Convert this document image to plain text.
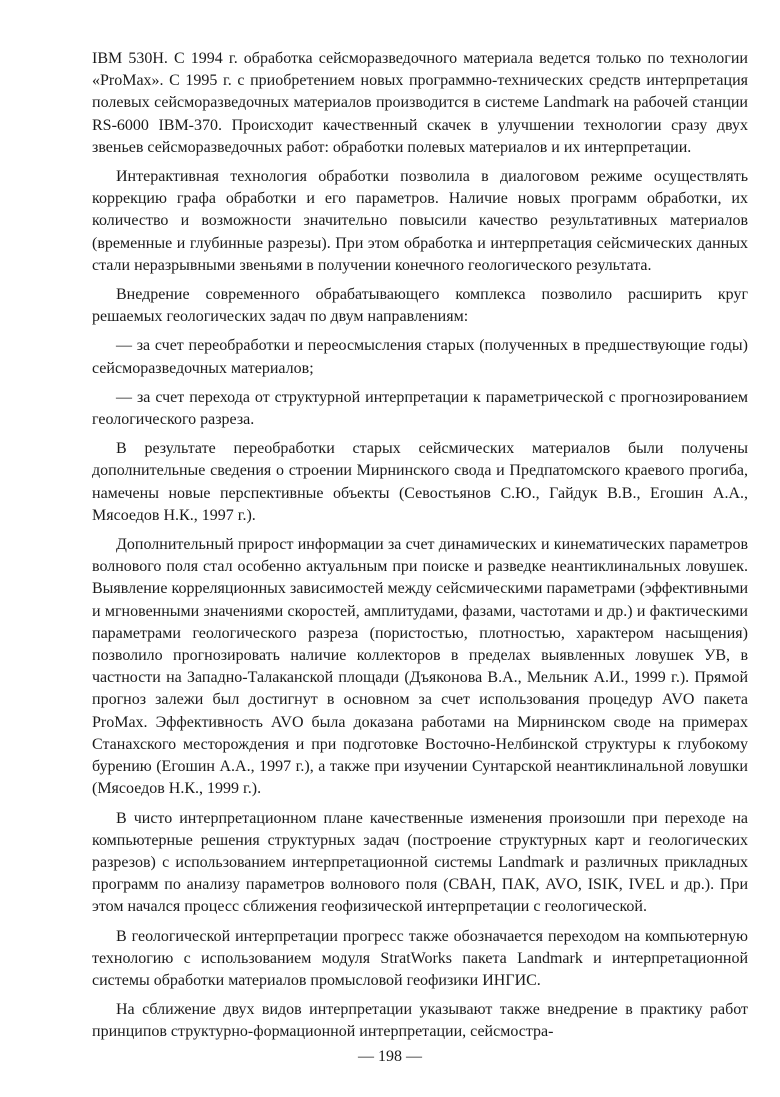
IBM 530Н. С 1994 г. обработка сейсморазведочного материала ведется только по технологии «ProMax». С 1995 г. с приобретением новых программно-технических средств интерпретация полевых сейсморазведочных материалов производится в системе Landmark на рабочей станции RS-6000 IBM-370. Происходит качественный скачек в улучшении технологии сразу двух звеньев сейсморазведочных работ: обработки полевых материалов и их интерпретации.

Интерактивная технология обработки позволила в диалоговом режиме осуществлять коррекцию графа обработки и его параметров. Наличие новых программ обработки, их количество и возможности значительно повысили качество результативных материалов (временные и глубинные разрезы). При этом обработка и интерпретация сейсмических данных стали неразрывными звеньями в получении конечного геологического результата.

Внедрение современного обрабатывающего комплекса позволило расширить круг решаемых геологических задач по двум направлениям:

— за счет переобработки и переосмысления старых (полученных в предшествующие годы) сейсморазведочных материалов;

— за счет перехода от структурной интерпретации к параметрической с прогнозированием геологического разреза.

В результате переобработки старых сейсмических материалов были получены дополнительные сведения о строении Мирнинского свода и Предпатомского краевого прогиба, намечены новые перспективные объекты (Севостьянов С.Ю., Гайдук В.В., Егошин А.А., Мясоедов Н.К., 1997 г.).

Дополнительный прирост информации за счет динамических и кинематических параметров волнового поля стал особенно актуальным при поиске и разведке неантиклинальных ловушек. Выявление корреляционных зависимостей между сейсмическими параметрами (эффективными и мгновенными значениями скоростей, амплитудами, фазами, частотами и др.) и фактическими параметрами геологического разреза (пористостью, плотностью, характером насыщения) позволило прогнозировать наличие коллекторов в пределах выявленных ловушек УВ, в частности на Западно-Талаканской площади (Дъяконова В.А., Мельник А.И., 1999 г.). Прямой прогноз залежи был достигнут в основном за счет использования процедур AVO пакета ProMax. Эффективность AVO была доказана работами на Мирнинском своде на примерах Станахского месторождения и при подготовке Восточно-Нелбинской структуры к глубокому бурению (Егошин А.А., 1997 г.), а также при изучении Сунтарской неантиклинальной ловушки (Мясоедов Н.К., 1999 г.).

В чисто интерпретационном плане качественные изменения произошли при переходе на компьютерные решения структурных задач (построение структурных карт и геологических разрезов) с использованием интерпретационной системы Landmark и различных прикладных программ по анализу параметров волнового поля (СВАН, ПАК, AVO, ISIK, IVEL и др.). При этом начался процесс сближения геофизической интерпретации с геологической.

В геологической интерпретации прогресс также обозначается переходом на компьютерную технологию с использованием модуля StratWorks пакета Landmark и интерпретационной системы обработки материалов промысловой геофизики ИНГИС.

На сближение двух видов интерпретации указывают также внедрение в практику работ принципов структурно-формационной интерпретации, сейсмостра-

— 198 —
